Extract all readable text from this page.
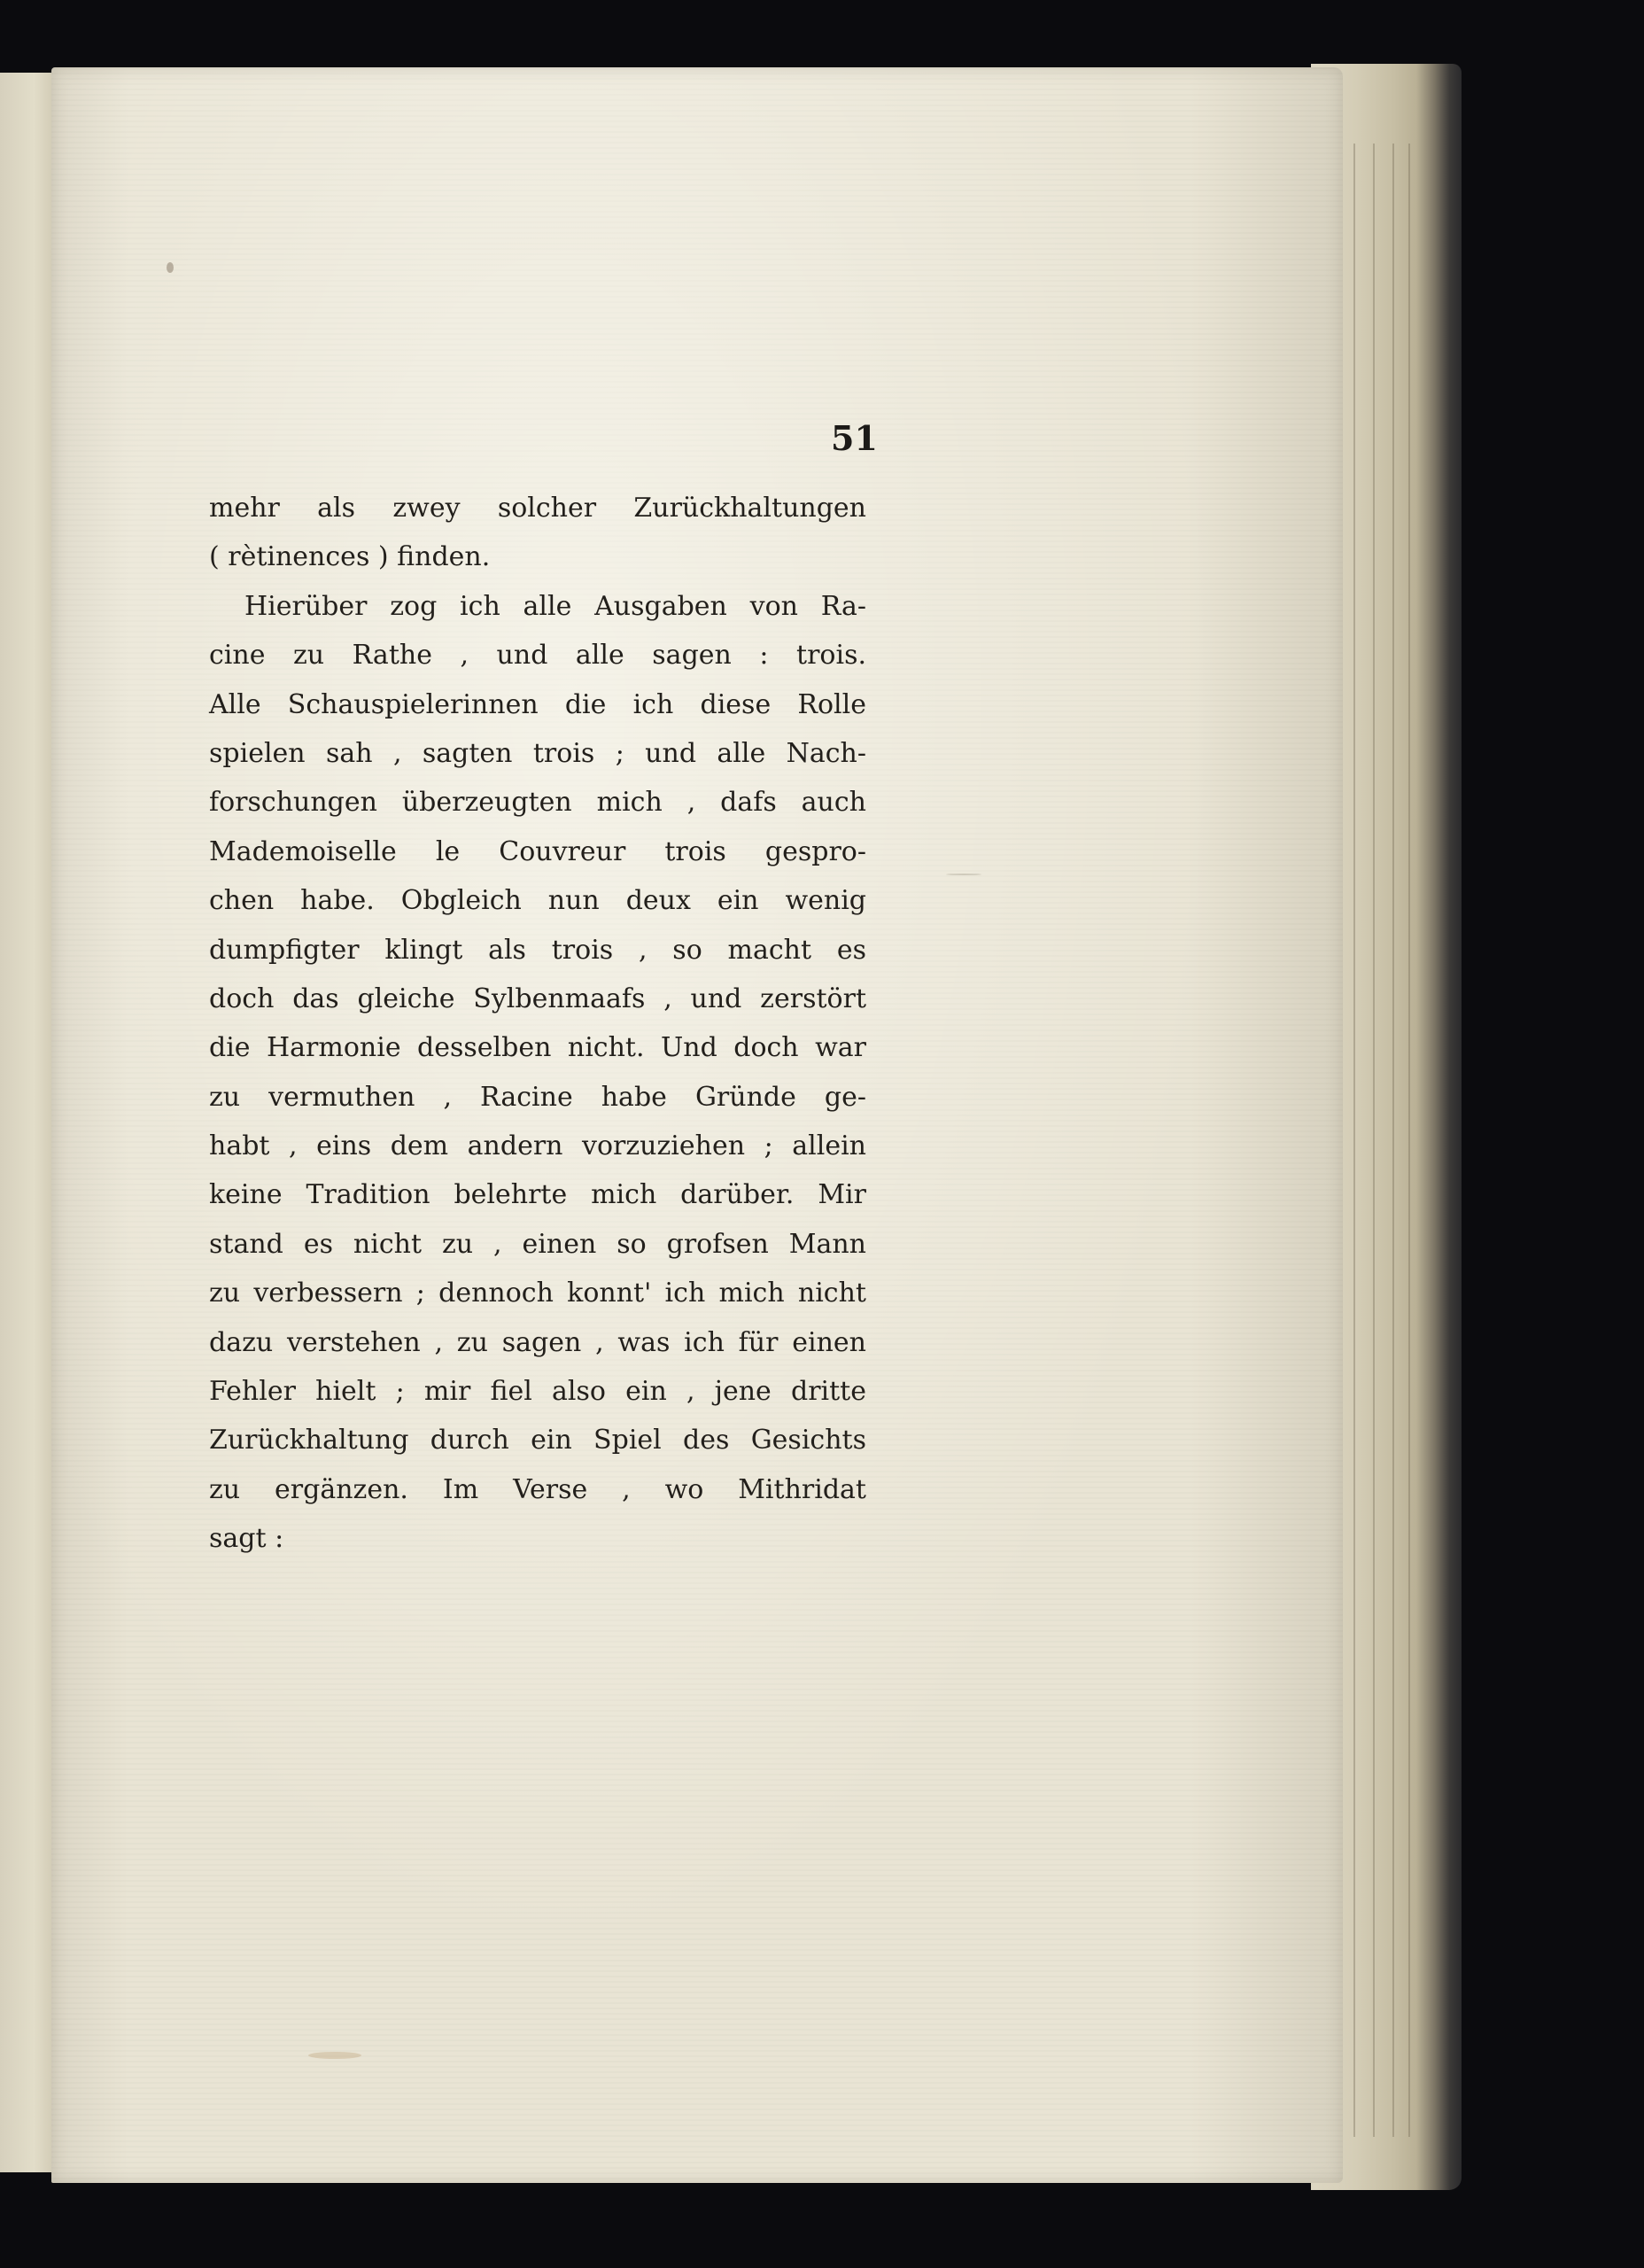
51

mehr als zwey solcher Zurückhaltungen

( rètinences ) finden.

Hierüber zog ich alle Ausgaben von Ra-

cine zu Rathe , und alle sagen : trois.

Alle Schauspielerinnen die ich diese Rolle

spielen sah , sagten trois ; und alle Nach-

forschungen überzeugten mich , dafs auch

Mademoiselle le Couvreur trois gespro-

chen habe. Obgleich nun deux ein wenig

dumpfigter klingt als trois , so macht es

doch das gleiche Sylbenmaafs , und zerstört

die Harmonie desselben nicht. Und doch war

zu vermuthen , Racine habe Gründe ge-

habt , eins dem andern vorzuziehen ; allein

keine Tradition belehrte mich darüber. Mir

stand es nicht zu , einen so grofsen Mann

zu verbessern ; dennoch konnt' ich mich nicht

dazu verstehen , zu sagen , was ich für einen

Fehler hielt ; mir fiel also ein , jene dritte

Zurückhaltung durch ein Spiel des Gesichts

zu ergänzen. Im Verse , wo Mithridat

sagt :
